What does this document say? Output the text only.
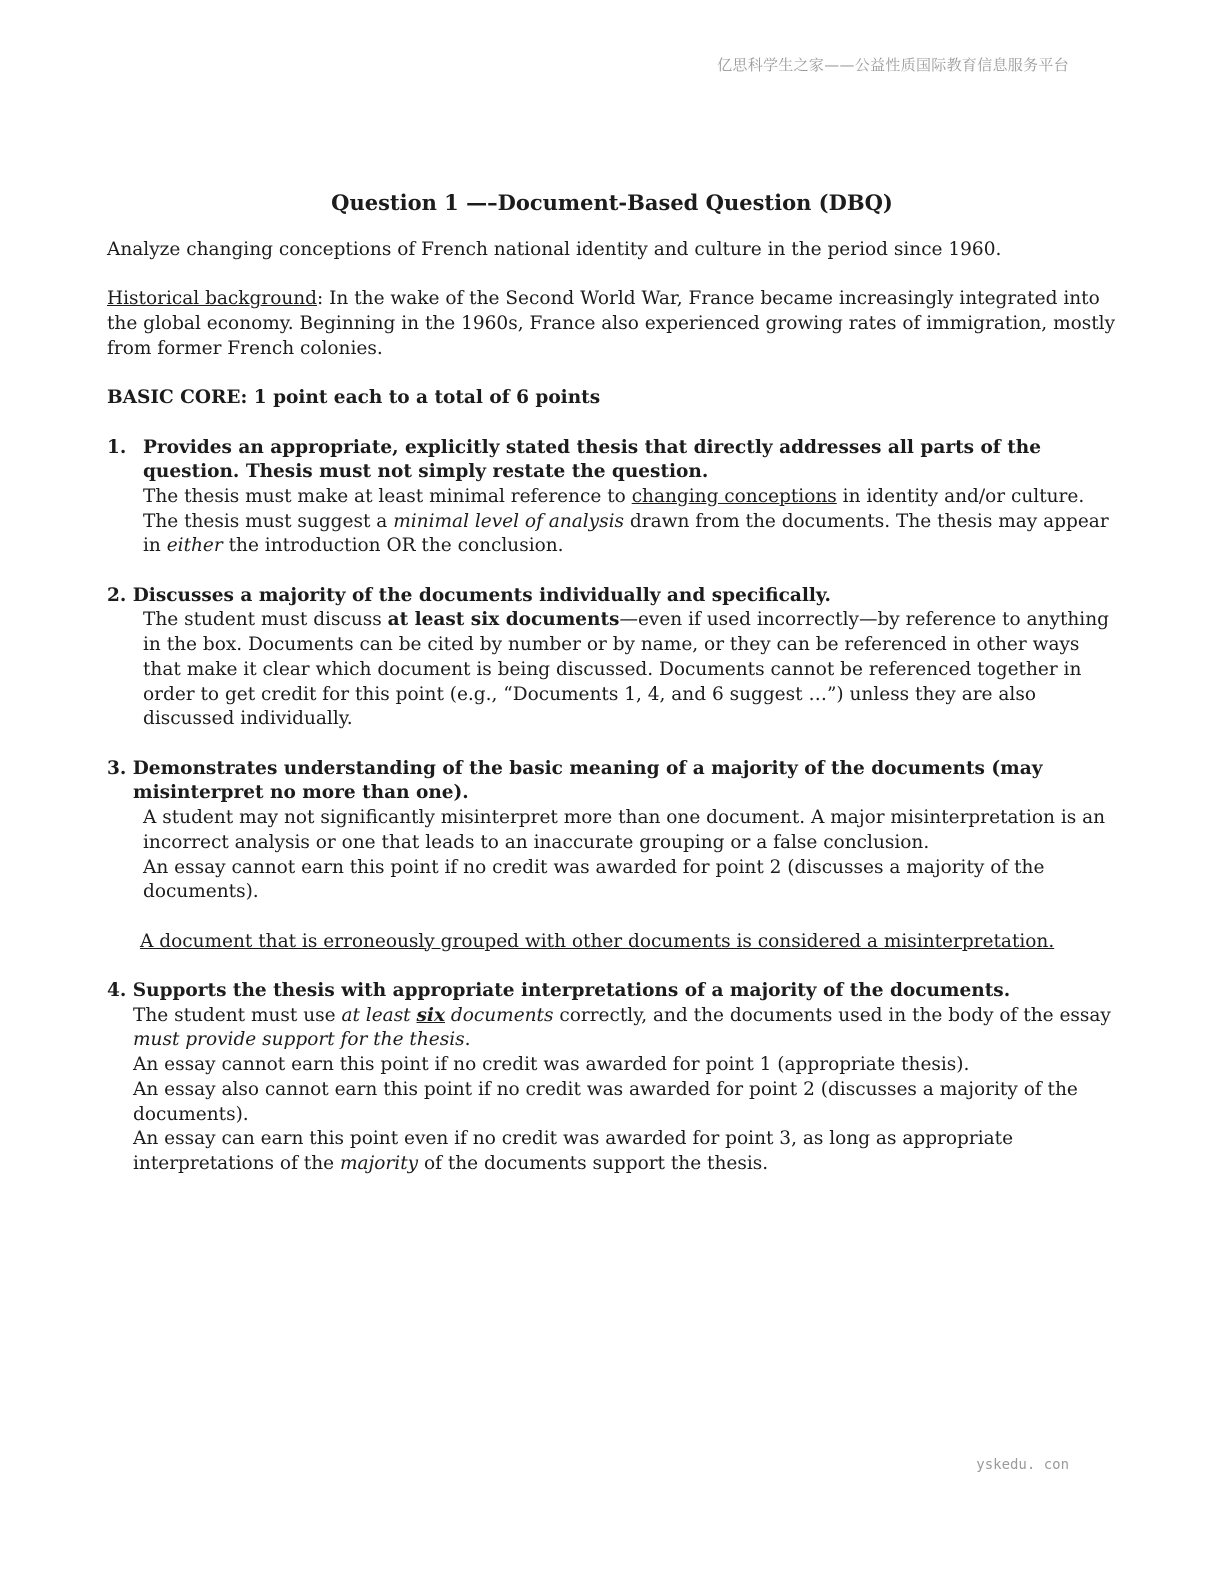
亿思科学生之家——公益性质国际教育信息服务平台
Question 1 —–Document-Based Question (DBQ)

Analyze changing conceptions of French national identity and culture in the period since 1960.

Historical background: In the wake of the Second World War, France became increasingly integrated into the global economy. Beginning in the 1960s, France also experienced growing rates of immigration, mostly from former French colonies.

BASIC CORE: 1 point each to a total of 6 points

1. Provides an appropriate, explicitly stated thesis that directly addresses all parts of the question. Thesis must not simply restate the question.

The thesis must make at least minimal reference to changing conceptions in identity and/or culture. The thesis must suggest a minimal level of analysis drawn from the documents. The thesis may appear in either the introduction OR the conclusion.

2. Discusses a majority of the documents individually and specifically.

The student must discuss at least six documents—even if used incorrectly—by reference to anything in the box. Documents can be cited by number or by name, or they can be referenced in other ways that make it clear which document is being discussed. Documents cannot be referenced together in order to get credit for this point (e.g., “Documents 1, 4, and 6 suggest …”) unless they are also discussed individually.

3. Demonstrates understanding of the basic meaning of a majority of the documents (may misinterpret no more than one).

A student may not significantly misinterpret more than one document. A major misinterpretation is an incorrect analysis or one that leads to an inaccurate grouping or a false conclusion.

An essay cannot earn this point if no credit was awarded for point 2 (discusses a majority of the documents).

A document that is erroneously grouped with other documents is considered a misinterpretation.

4. Supports the thesis with appropriate interpretations of a majority of the documents.

The student must use at least six documents correctly, and the documents used in the body of the essay must provide support for the thesis.

An essay cannot earn this point if no credit was awarded for point 1 (appropriate thesis).

An essay also cannot earn this point if no credit was awarded for point 2 (discusses a majority of the documents).

An essay can earn this point even if no credit was awarded for point 3, as long as appropriate interpretations of the majority of the documents support the thesis.

yskedu. con
